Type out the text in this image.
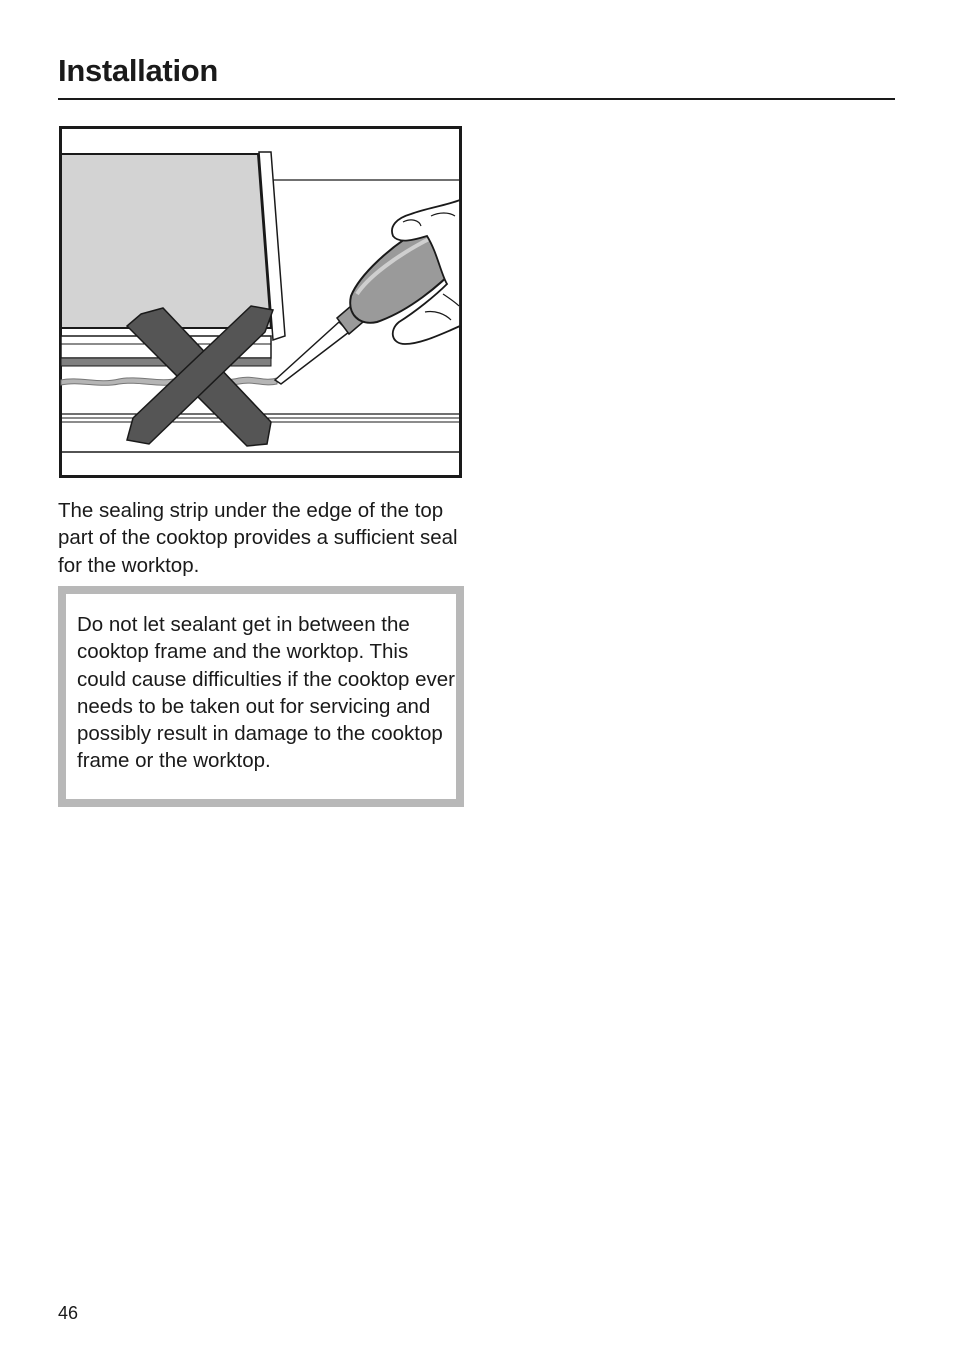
Installation

The sealing strip under the edge of the top part of the cooktop provides a sufficient seal for the worktop.

Do not let sealant get in between the cooktop frame and the worktop. This could cause difficulties if the cooktop ever needs to be taken out for servicing and possibly result in damage to the cooktop frame or the worktop.

46
